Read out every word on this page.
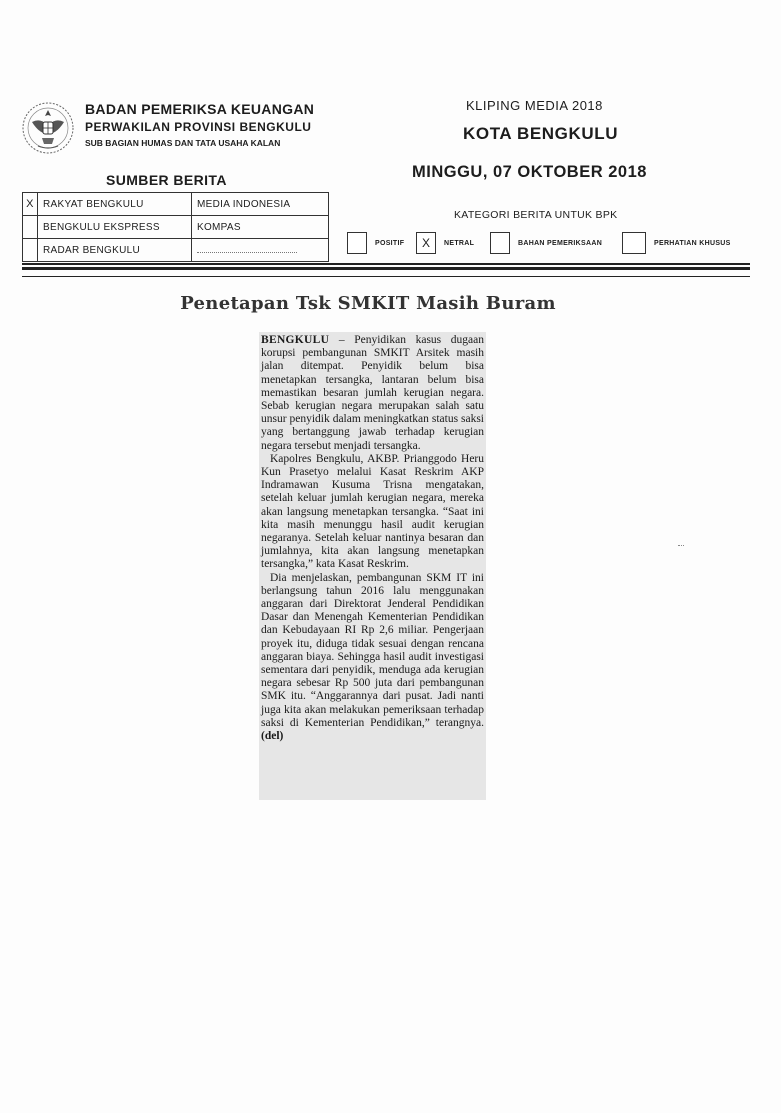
BADAN PEMERIKSA KEUANGAN
PERWAKILAN PROVINSI BENGKULU
SUB BAGIAN HUMAS DAN TATA USAHA KALAN
KLIPING MEDIA 2018
KOTA BENGKULU
MINGGU, 07 OKTOBER 2018
SUMBER BERITA
X	RAKYAT BENGKULU	MEDIA INDONESIA
	BENGKULU EKSPRESS	KOMPAS
	RADAR BENGKULU	
KATEGORI BERITA UNTUK BPK
POSITIF	X	NETRAL	BAHAN PEMERIKSAAN	PERHATIAN KHUSUS
Penetapan Tsk SMKIT Masih Buram

BENGKULU – Penyidikan kasus dugaan korupsi pembangunan SMKIT Arsitek masih jalan ditempat. Penyidik belum bisa menetapkan tersangka, lantaran belum bisa memastikan besaran jumlah kerugian negara. Sebab kerugian negara merupakan salah satu unsur penyidik dalam meningkatkan status saksi yang bertanggung jawab terhadap kerugian negara tersebut menjadi tersangka.

Kapolres Bengkulu, AKBP. Prianggodo Heru Kun Prasetyo melalui Kasat Reskrim AKP Indramawan Kusuma Trisna mengatakan, setelah keluar jumlah kerugian negara, mereka akan langsung menetapkan tersangka. “Saat ini kita masih menunggu hasil audit kerugian negaranya. Setelah keluar nantinya besaran dan jumlahnya, kita akan langsung menetapkan tersangka,” kata Kasat Reskrim.

Dia menjelaskan, pembangunan SKM IT ini berlangsung tahun 2016 lalu menggunakan anggaran dari Direktorat Jenderal Pendidikan Dasar dan Menengah Kementerian Pendidikan dan Kebudayaan RI Rp 2,6 miliar. Pengerjaan proyek itu, diduga tidak sesuai dengan rencana anggaran biaya. Sehingga hasil audit investigasi sementara dari penyidik, menduga ada kerugian negara sebesar Rp 500 juta dari pembangunan SMK itu. “Anggarannya dari pusat. Jadi nanti juga kita akan melakukan pemeriksaan terhadap saksi di Kementerian Pendidikan,” terangnya.(del)
